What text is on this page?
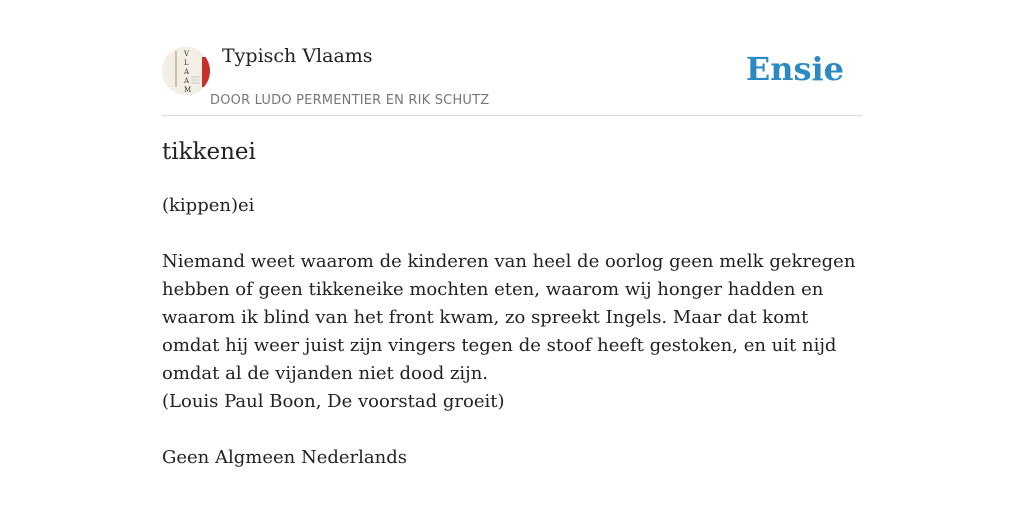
V
L
A
A
M
Typisch Vlaams
DOOR LUDO PERMENTIER EN RIK SCHUTZ
Ensie
tikkenei

(kippen)ei

Niemand weet waarom de kinderen van heel de oorlog geen melk gekregen hebben of geen tikkeneike mochten eten, waarom wij honger hadden en waarom ik blind van het front kwam, zo spreekt Ingels. Maar dat komt omdat hij weer juist zijn vingers tegen de stoof heeft gestoken, en uit nijd omdat al de vijanden niet dood zijn.

(Louis Paul Boon, De voorstad groeit)

Geen Algmeen Nederlands
